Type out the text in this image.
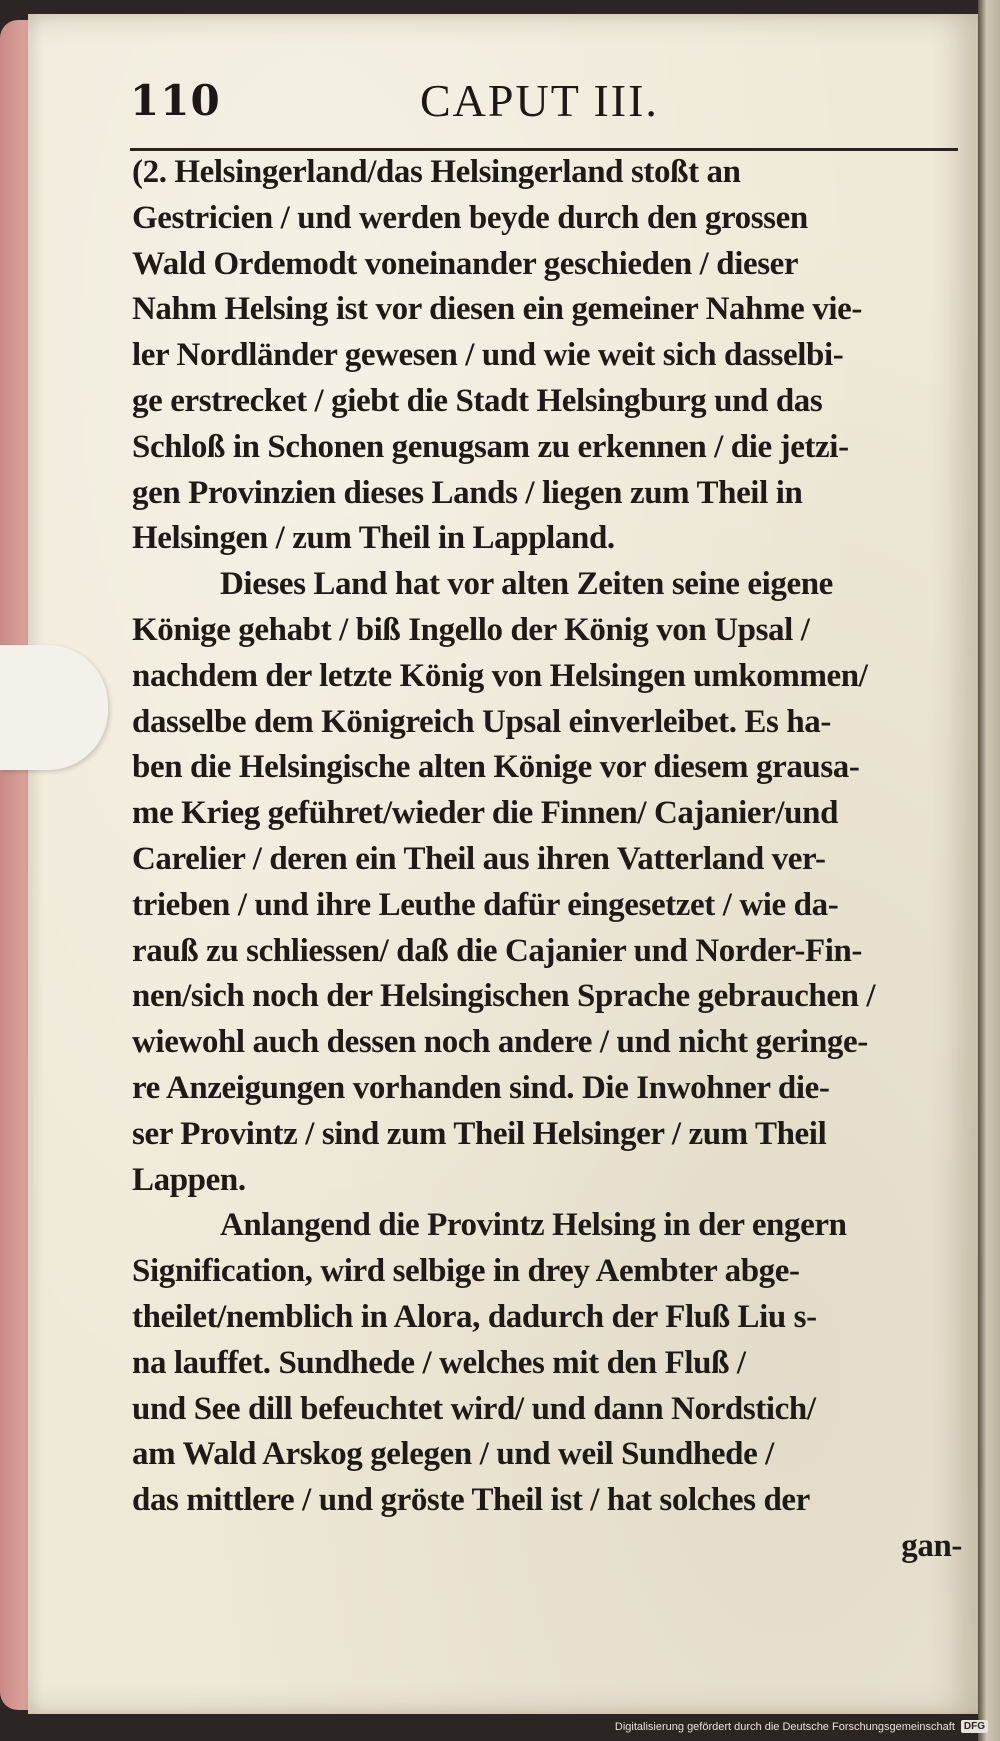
110	CAPUT III.
(2. Helsingerland/das Helsingerland stoßt an
Gestricien / und werden beyde durch den grossen
Wald Ordemodt voneinander geschieden / dieser
Nahm Helsing ist vor diesen ein gemeiner Nahme vie-
ler Nordländer gewesen / und wie weit sich dasselbi-
ge erstrecket / giebt die Stadt Helsingburg und das
Schloß in Schonen genugsam zu erkennen / die jetzi-
gen Provinzien dieses Lands / liegen zum Theil in
Helsingen / zum Theil in Lappland.
Dieses Land hat vor alten Zeiten seine eigene
Könige gehabt / biß Ingello der König von Upsal /
nachdem der letzte König von Helsingen umkommen/
dasselbe dem Königreich Upsal einverleibet. Es ha-
ben die Helsingische alten Könige vor diesem grausa-
me Krieg geführet/wieder die Finnen/ Cajanier/und
Carelier / deren ein Theil aus ihren Vatterland ver-
trieben / und ihre Leuthe dafür eingesetzet / wie da-
rauß zu schliessen/ daß die Cajanier und Norder-Fin-
nen/sich noch der Helsingischen Sprache gebrauchen /
wiewohl auch dessen noch andere / und nicht geringe-
re Anzeigungen vorhanden sind. Die Inwohner die-
ser Provintz / sind zum Theil Helsinger / zum Theil
Lappen.
Anlangend die Provintz Helsing in der engern
Signification, wird selbige in drey Aembter abge-
theilet/nemblich in Alora, dadurch der Fluß Liu s-
na lauffet. Sundhede / welches mit den Fluß /
und See dill befeuchtet wird/ und dann Nordstich/
am Wald Arskog gelegen / und weil Sundhede /
das mittlere / und gröste Theil ist / hat solches der
gan-
Digitalisierung gefördert durch die Deutsche Forschungsgemeinschaft DFG
